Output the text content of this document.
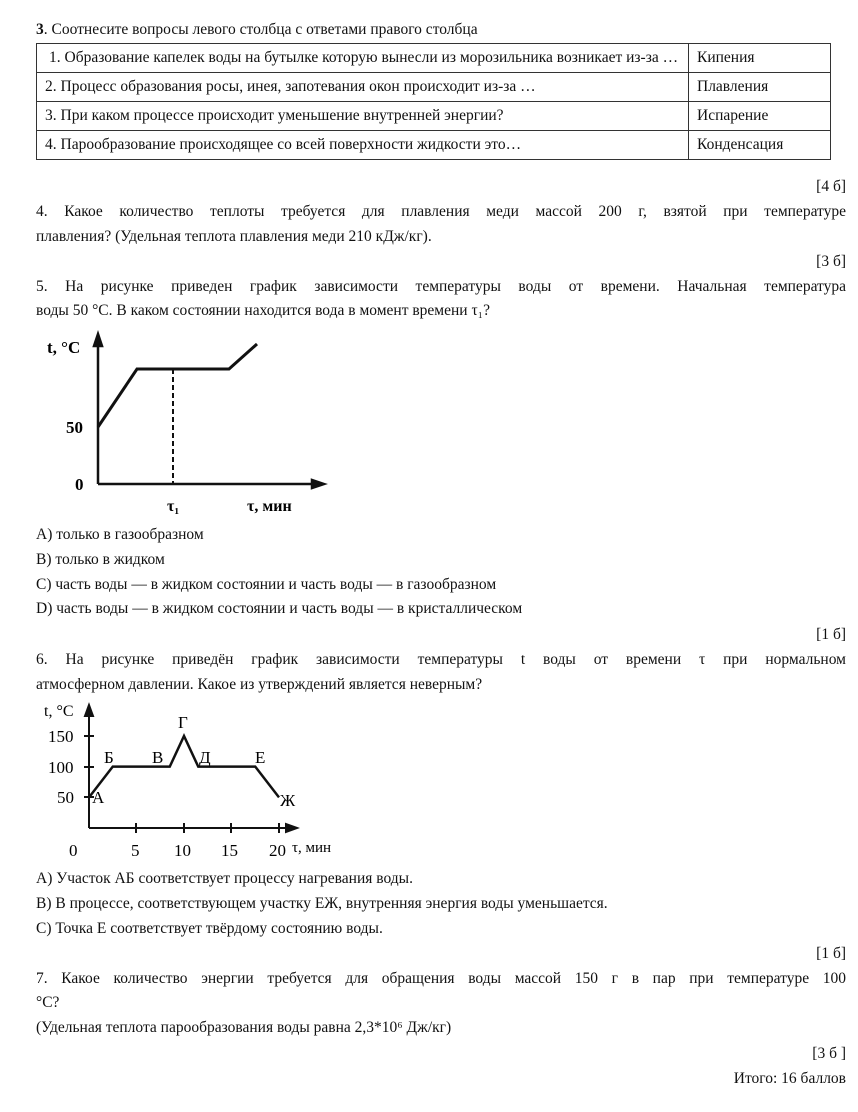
3. Соотнесите вопросы левого столбца с ответами правого столбца
1. Образование капелек воды на бутылке которую вынесли из морозильника возникает из-за …	Кипения
2. Процесс образования росы, инея, запотевания окон происходит из-за …	Плавления
3. При каком процессе происходит уменьшение внутренней энергии?	Испарение
4. Парообразование происходящее со всей поверхности жидкости это…	Конденсация
[4 б]
4. Какое количество теплоты требуется для плавления меди массой 200 г, взятой при температуре
плавления? (Удельная теплота плавления меди 210 кДж/кг).
[3 б]
5. На рисунке приведен график зависимости температуры воды от времени. Начальная температура
воды 50 °С. В каком состоянии находится вода в момент времени τ₁?
t, °C
50
0
τ₁	τ, мин
t, °C
150
100
50
0	5 10 15 20 τ, мин
А
Б В
Г
Д	Е
Ж
А) только в газообразном
В) только в жидком
С) часть воды — в жидком состоянии и часть воды — в газообразном
D) часть воды — в жидком состоянии и часть воды — в кристаллическом
[1 б]
6. На рисунке приведён график зависимости температуры t воды от времени τ при нормальном
атмосферном давлении. Какое из утверждений является неверным?
А) Участок АБ соответствует процессу нагревания воды.
В) В процессе, соответствующем участку ЕЖ, внутренняя энергия воды уменьшается.
С) Точка Е соответствует твёрдому состоянию воды.
[1 б]
7. Какое количество энергии требуется для обращения воды массой 150 г в пар при температуре 100
°С?
(Удельная теплота парообразования воды равна 2,3*10⁶ Дж/кг)
[3 б ]
Итого: 16 баллов
